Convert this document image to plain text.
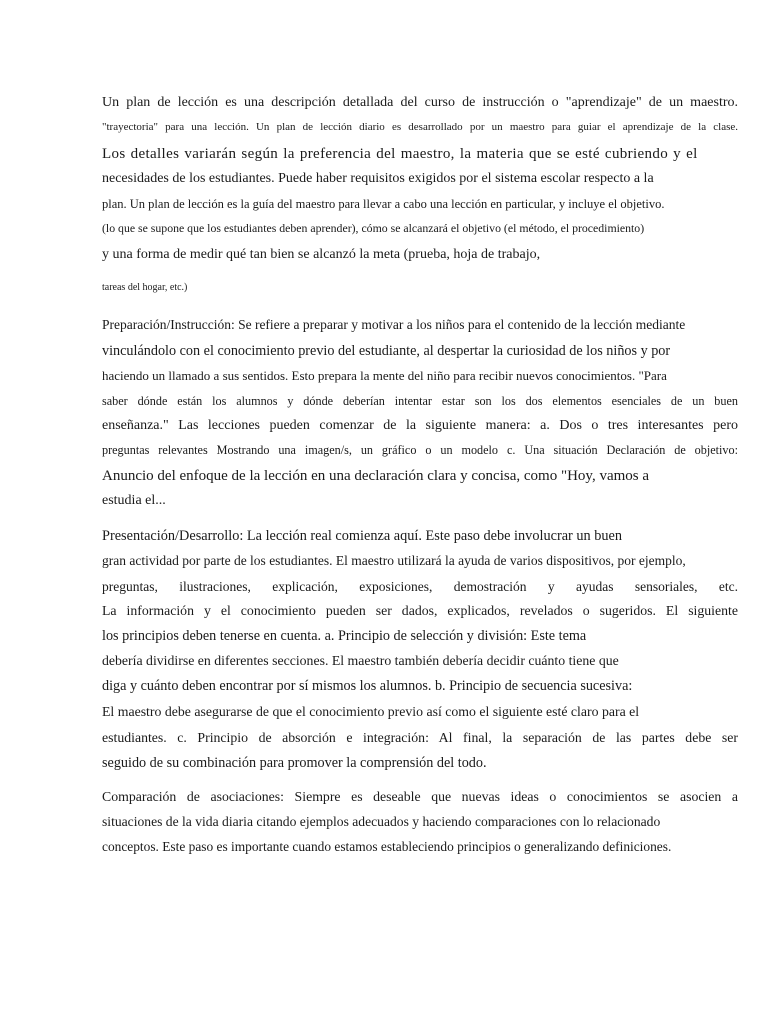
Un plan de lección es una descripción detallada del curso de instrucción o "aprendizaje" de un maestro.
"trayectoria" para una lección. Un plan de lección diario es desarrollado por un maestro para guiar el aprendizaje de la clase.
Los detalles variarán según la preferencia del maestro, la materia que se esté cubriendo y el
necesidades de los estudiantes. Puede haber requisitos exigidos por el sistema escolar respecto a la
plan. Un plan de lección es la guía del maestro para llevar a cabo una lección en particular, y incluye el objetivo.
(lo que se supone que los estudiantes deben aprender), cómo se alcanzará el objetivo (el método, el procedimiento)
y una forma de medir qué tan bien se alcanzó la meta (prueba, hoja de trabajo,
tareas del hogar, etc.)
Preparación/Instrucción: Se refiere a preparar y motivar a los niños para el contenido de la lección mediante
vinculándolo con el conocimiento previo del estudiante, al despertar la curiosidad de los niños y por
haciendo un llamado a sus sentidos. Esto prepara la mente del niño para recibir nuevos conocimientos. "Para
saber dónde están los alumnos y dónde deberían intentar estar son los dos elementos esenciales de un buen
enseñanza." Las lecciones pueden comenzar de la siguiente manera: a. Dos o tres interesantes pero
preguntas relevantes Mostrando una imagen/s, un gráfico o un modelo c. Una situación Declaración de objetivo:
Anuncio del enfoque de la lección en una declaración clara y concisa, como "Hoy, vamos a
estudia el...
Presentación/Desarrollo: La lección real comienza aquí. Este paso debe involucrar un buen
gran actividad por parte de los estudiantes. El maestro utilizará la ayuda de varios dispositivos, por ejemplo,
preguntas, ilustraciones, explicación, exposiciones, demostración y ayudas sensoriales, etc.
La información y el conocimiento pueden ser dados, explicados, revelados o sugeridos. El siguiente
los principios deben tenerse en cuenta. a. Principio de selección y división: Este tema
debería dividirse en diferentes secciones. El maestro también debería decidir cuánto tiene que
diga y cuánto deben encontrar por sí mismos los alumnos. b. Principio de secuencia sucesiva:
El maestro debe asegurarse de que el conocimiento previo así como el siguiente esté claro para el
estudiantes. c. Principio de absorción e integración: Al final, la separación de las partes debe ser
seguido de su combinación para promover la comprensión del todo.
Comparación de asociaciones: Siempre es deseable que nuevas ideas o conocimientos se asocien a
situaciones de la vida diaria citando ejemplos adecuados y haciendo comparaciones con lo relacionado
conceptos. Este paso es importante cuando estamos estableciendo principios o generalizando definiciones.
